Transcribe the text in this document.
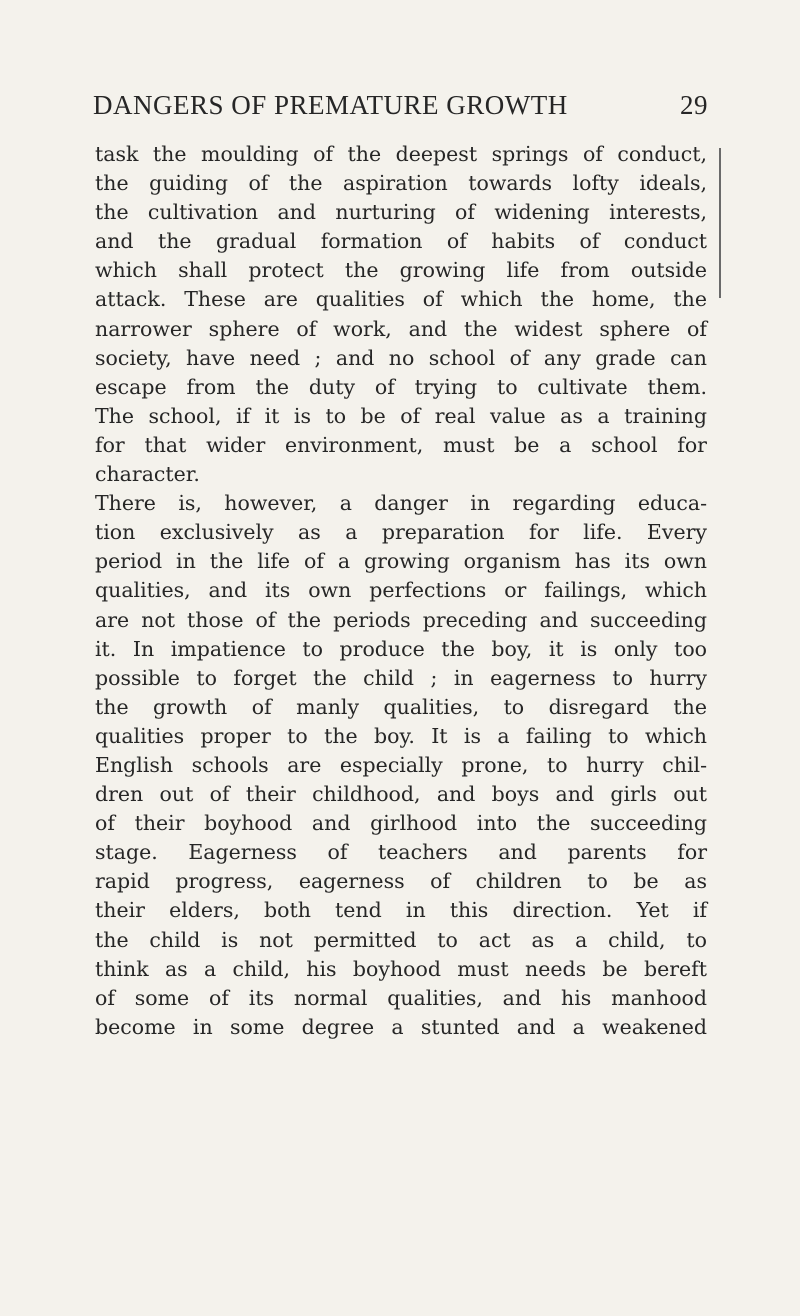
DANGERS OF PREMATURE GROWTH	29
task the moulding of the deepest springs of conduct,
the guiding of the aspiration towards lofty ideals,
the cultivation and nurturing of widening interests,
and the gradual formation of habits of conduct
which shall protect the growing life from outside
attack. These are qualities of which the home, the
narrower sphere of work, and the widest sphere of
society, have need ; and no school of any grade can
escape from the duty of trying to cultivate them.
The school, if it is to be of real value as a training
for that wider environment, must be a school for
character.
There is, however, a danger in regarding educa-
tion exclusively as a preparation for life. Every
period in the life of a growing organism has its own
qualities, and its own perfections or failings, which
are not those of the periods preceding and succeeding
it. In impatience to produce the boy, it is only too
possible to forget the child ; in eagerness to hurry
the growth of manly qualities, to disregard the
qualities proper to the boy. It is a failing to which
English schools are especially prone, to hurry chil-
dren out of their childhood, and boys and girls out
of their boyhood and girlhood into the succeeding
stage. Eagerness of teachers and parents for
rapid progress, eagerness of children to be as
their elders, both tend in this direction. Yet if
the child is not permitted to act as a child, to
think as a child, his boyhood must needs be bereft
of some of its normal qualities, and his manhood
become in some degree a stunted and a weakened
